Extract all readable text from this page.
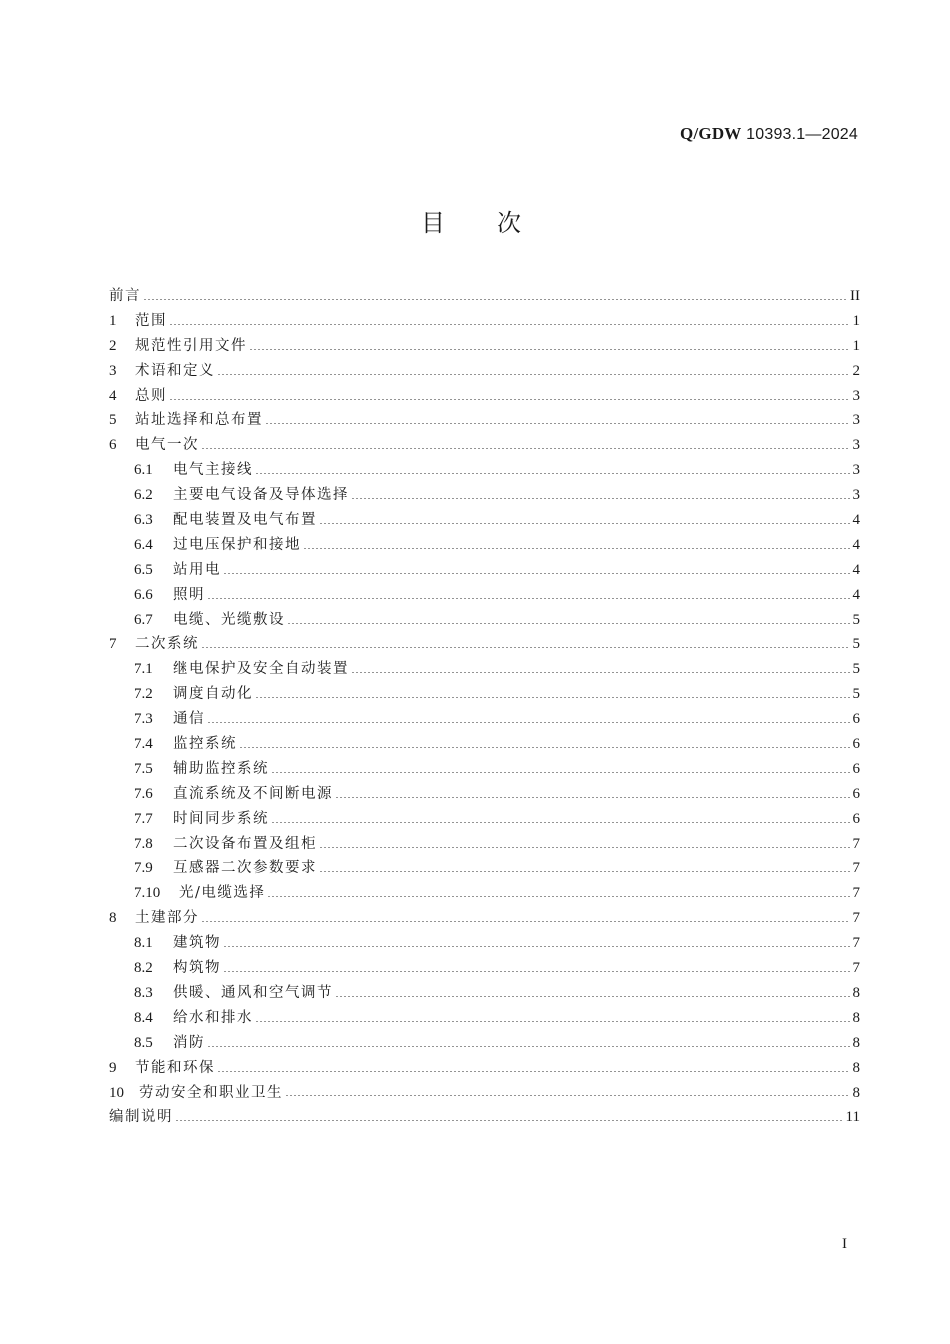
Q/GDW 10393.1—2024
目次
前言	II
1	范围	1
2	规范性引用文件	1
3	术语和定义	2
4	总则	3
5	站址选择和总布置	3
6	电气一次	3
6.1	电气主接线	3
6.2	主要电气设备及导体选择	3
6.3	配电装置及电气布置	4
6.4	过电压保护和接地	4
6.5	站用电	4
6.6	照明	4
6.7	电缆、光缆敷设	5
7	二次系统	5
7.1	继电保护及安全自动装置	5
7.2	调度自动化	5
7.3	通信	6
7.4	监控系统	6
7.5	辅助监控系统	6
7.6	直流系统及不间断电源	6
7.7	时间同步系统	6
7.8	二次设备布置及组柜	7
7.9	互感器二次参数要求	7
7.10	光/电缆选择	7
8	土建部分	7
8.1	建筑物	7
8.2	构筑物	7
8.3	供暖、通风和空气调节	8
8.4	给水和排水	8
8.5	消防	8
9	节能和环保	8
10	劳动安全和职业卫生	8
编制说明	11
I
